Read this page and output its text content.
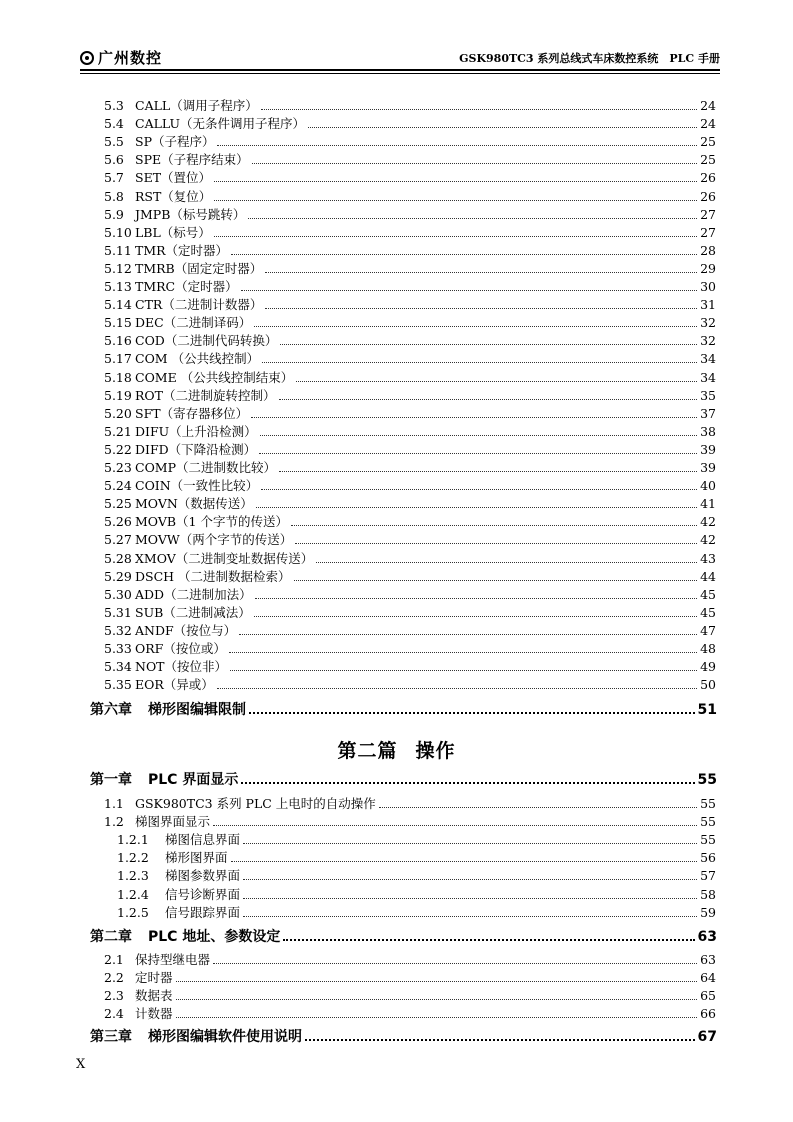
广州数控	GSK980TC3 系列总线式车床数控系统　PLC 手册
第二篇 操作
5.3 CALL（调用子程序）	24
5.4 CALLU（无条件调用子程序）	24
5.5 SP（子程序）	25
5.6 SPE（子程序结束）	25
5.7 SET（置位）	26
5.8 RST（复位）	26
5.9 JMPB（标号跳转）	27
5.10 LBL（标号）	27
5.11 TMR（定时器）	28
5.12 TMRB（固定定时器）	29
5.13 TMRC（定时器）	30
5.14 CTR（二进制计数器）	31
5.15 DEC（二进制译码）	32
5.16 COD（二进制代码转换）	32
5.17 COM （公共线控制）	34
5.18 COME （公共线控制结束）	34
5.19 ROT（二进制旋转控制）	35
5.20 SFT（寄存器移位）	37
5.21 DIFU（上升沿检测）	38
5.22 DIFD（下降沿检测）	39
5.23 COMP（二进制数比较）	39
5.24 COIN（一致性比较）	40
5.25 MOVN（数据传送）	41
5.26 MOVB（1 个字节的传送）	42
5.27 MOVW（两个字节的传送）	42
5.28 XMOV（二进制变址数据传送）	43
5.29 DSCH （二进制数据检索）	44
5.30 ADD（二进制加法）	45
5.31 SUB（二进制减法）	45
5.32 ANDF（按位与）	47
5.33 ORF（按位或）	48
5.34 NOT（按位非）	49
5.35 EOR（异或）	50
第六章 梯形图编辑限制	51
第一章 PLC 界面显示	55
1.1 GSK980TC3 系列 PLC 上电时的自动操作	55
1.2 梯图界面显示	55
1.2.1	梯图信息界面	55
1.2.2	梯形图界面	56
1.2.3	梯图参数界面	57
1.2.4	信号诊断界面	58
1.2.5	信号跟踪界面	59
第二章 PLC 地址、参数设定	63
2.1 保持型继电器	63
2.2 定时器	64
2.3 数据表	65
2.4 计数器	66
第三章 梯形图编辑软件使用说明	67
X
